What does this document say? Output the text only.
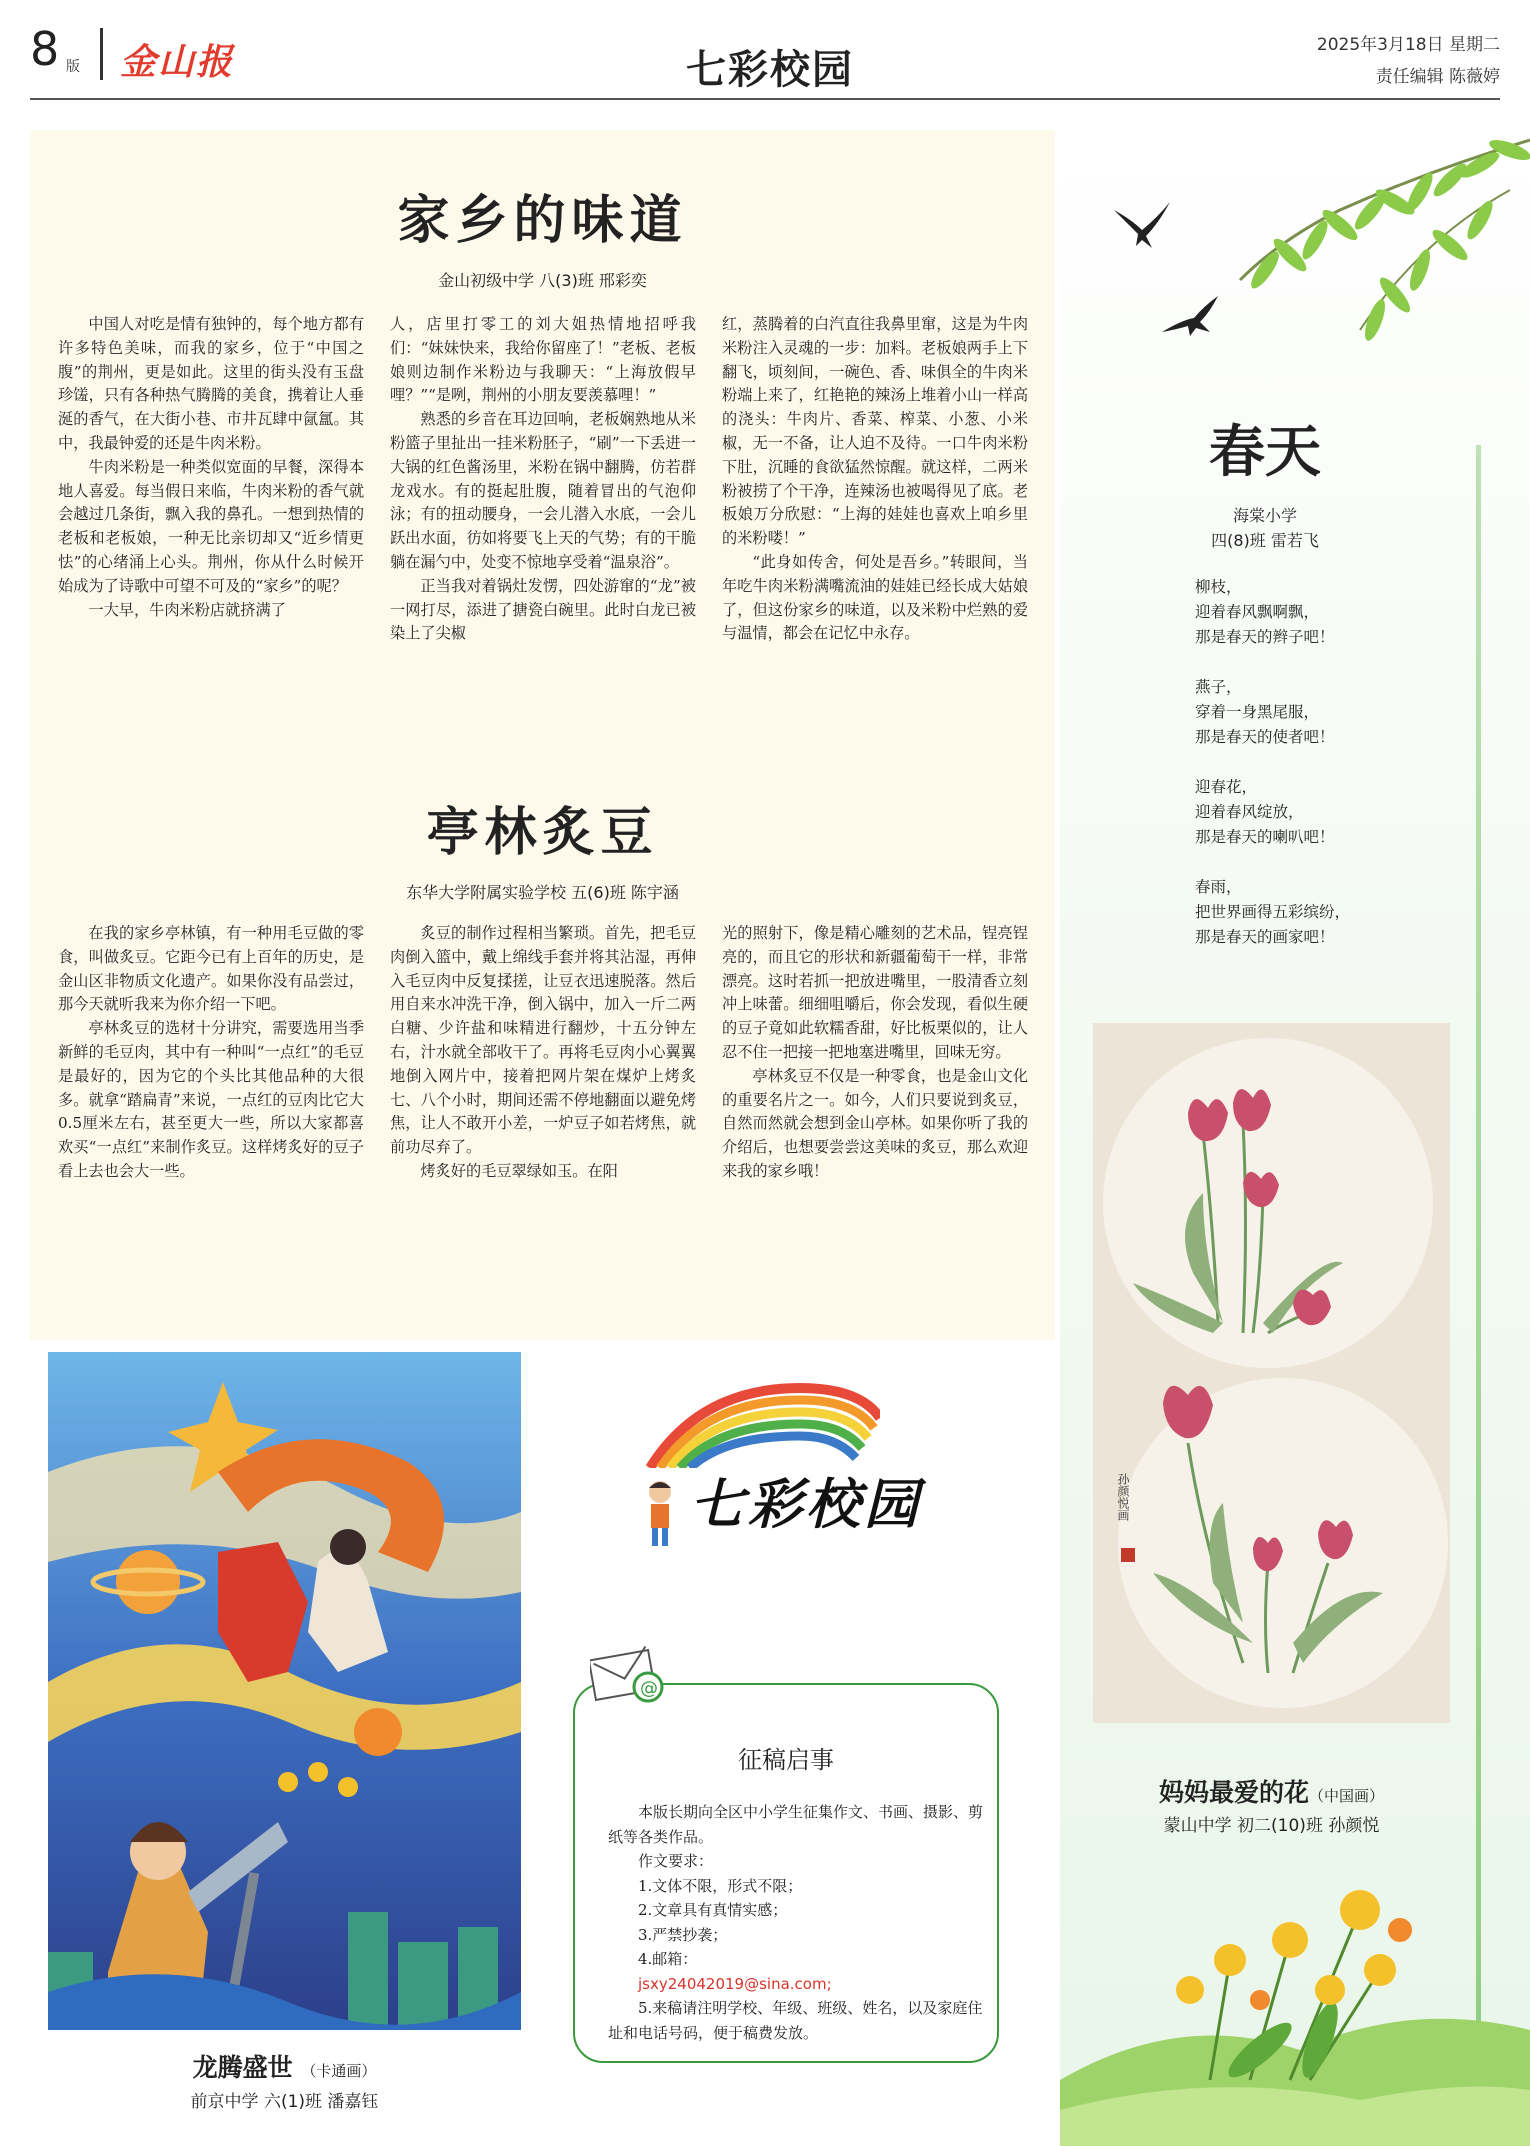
8 版 金山报	七彩校园
2025年3月18日 星期二
责任编辑 陈薇婷
家乡的味道
金山初级中学 八(3)班 邢彩奕

中国人对吃是情有独钟的，每个地方都有许多特色美味，而我的家乡，位于“中国之腹”的荆州，更是如此。这里的街头没有玉盘珍馐，只有各种热气腾腾的美食，携着让人垂涎的香气，在大街小巷、市井瓦肆中氤氲。其中，我最钟爱的还是牛肉米粉。

牛肉米粉是一种类似宽面的早餐，深得本地人喜爱。每当假日来临，牛肉米粉的香气就会越过几条街，飘入我的鼻孔。一想到热情的老板和老板娘，一种无比亲切却又“近乡情更怯”的心绪涌上心头。荆州，你从什么时候开始成为了诗歌中可望不可及的“家乡”的呢？

一大早，牛肉米粉店就挤满了

人，店里打零工的刘大姐热情地招呼我们：“妹妹快来，我给你留座了！”老板、老板娘则边制作米粉边与我聊天：“上海放假早哩？”“是咧，荆州的小朋友要羡慕哩！”

熟悉的乡音在耳边回响，老板娴熟地从米粉篮子里扯出一挂米粉胚子，“刷”一下丢进一大锅的红色酱汤里，米粉在锅中翻腾，仿若群龙戏水。有的挺起肚腹，随着冒出的气泡仰泳；有的扭动腰身，一会儿潜入水底，一会儿跃出水面，彷如将要飞上天的气势；有的干脆躺在漏勺中，处变不惊地享受着“温泉浴”。

正当我对着锅灶发愣，四处游窜的“龙”被一网打尽，添进了搪瓷白碗里。此时白龙已被染上了尖椒

红，蒸腾着的白汽直往我鼻里窜，这是为牛肉米粉注入灵魂的一步：加料。老板娘两手上下翻飞，顷刻间，一碗色、香、味俱全的牛肉米粉端上来了，红艳艳的辣汤上堆着小山一样高的浇头：牛肉片、香菜、榨菜、小葱、小米椒，无一不备，让人迫不及待。一口牛肉米粉下肚，沉睡的食欲猛然惊醒。就这样，二两米粉被捞了个干净，连辣汤也被喝得见了底。老板娘万分欣慰：“上海的娃娃也喜欢上咱乡里的米粉喽！”

“此身如传舍，何处是吾乡。”转眼间，当年吃牛肉米粉满嘴流油的娃娃已经长成大姑娘了，但这份家乡的味道，以及米粉中烂熟的爱与温情，都会在记忆中永存。

亭林炙豆
东华大学附属实验学校 五(6)班 陈宇涵

在我的家乡亭林镇，有一种用毛豆做的零食，叫做炙豆。它距今已有上百年的历史，是金山区非物质文化遗产。如果你没有品尝过，那今天就听我来为你介绍一下吧。

亭林炙豆的选材十分讲究，需要选用当季新鲜的毛豆肉，其中有一种叫“一点红”的毛豆是最好的，因为它的个头比其他品种的大很多。就拿“踏扁青”来说，一点红的豆肉比它大0.5厘米左右，甚至更大一些，所以大家都喜欢买“一点红”来制作炙豆。这样烤炙好的豆子看上去也会大一些。

炙豆的制作过程相当繁琐。首先，把毛豆肉倒入篮中，戴上绵线手套并将其沾湿，再伸入毛豆肉中反复揉搓，让豆衣迅速脱落。然后用自来水冲洗干净，倒入锅中，加入一斤二两白糖、少许盐和味精进行翻炒，十五分钟左右，汁水就全部收干了。再将毛豆肉小心翼翼地倒入网片中，接着把网片架在煤炉上烤炙七、八个小时，期间还需不停地翻面以避免烤焦，让人不敢开小差，一炉豆子如若烤焦，就前功尽弃了。

烤炙好的毛豆翠绿如玉。在阳

光的照射下，像是精心雕刻的艺术品，锃亮锃亮的，而且它的形状和新疆葡萄干一样，非常漂亮。这时若抓一把放进嘴里，一股清香立刻冲上味蕾。细细咀嚼后，你会发现，看似生硬的豆子竟如此软糯香甜，好比板栗似的，让人忍不住一把接一把地塞进嘴里，回味无穷。

亭林炙豆不仅是一种零食，也是金山文化的重要名片之一。如今，人们只要说到炙豆，自然而然就会想到金山亭林。如果你听了我的介绍后，也想要尝尝这美味的炙豆，那么欢迎来我的家乡哦！

春天
海棠小学
四(8)班 雷若飞
柳枝，
迎着春风飘啊飘，
那是春天的辫子吧！
燕子，
穿着一身黑尾服，
那是春天的使者吧！
迎春花，
迎着春风绽放，
那是春天的喇叭吧！
春雨，
把世界画得五彩缤纷，
那是春天的画家吧！
孙颜悦画
妈妈最爱的花（中国画）
蒙山中学 初二(10)班 孙颜悦
龙腾盛世 （卡通画）
前京中学 六(1)班 潘嘉钰
七彩校园
@
征稿启事

本版长期向全区中小学生征集作文、书画、摄影、剪纸等各类作品。

作文要求：
1.文体不限，形式不限；
2.文章具有真情实感；
3.严禁抄袭；
4.邮箱：
jsxy24042019@sina.com;

5.来稿请注明学校、年级、班级、姓名，以及家庭住址和电话号码，便于稿费发放。
